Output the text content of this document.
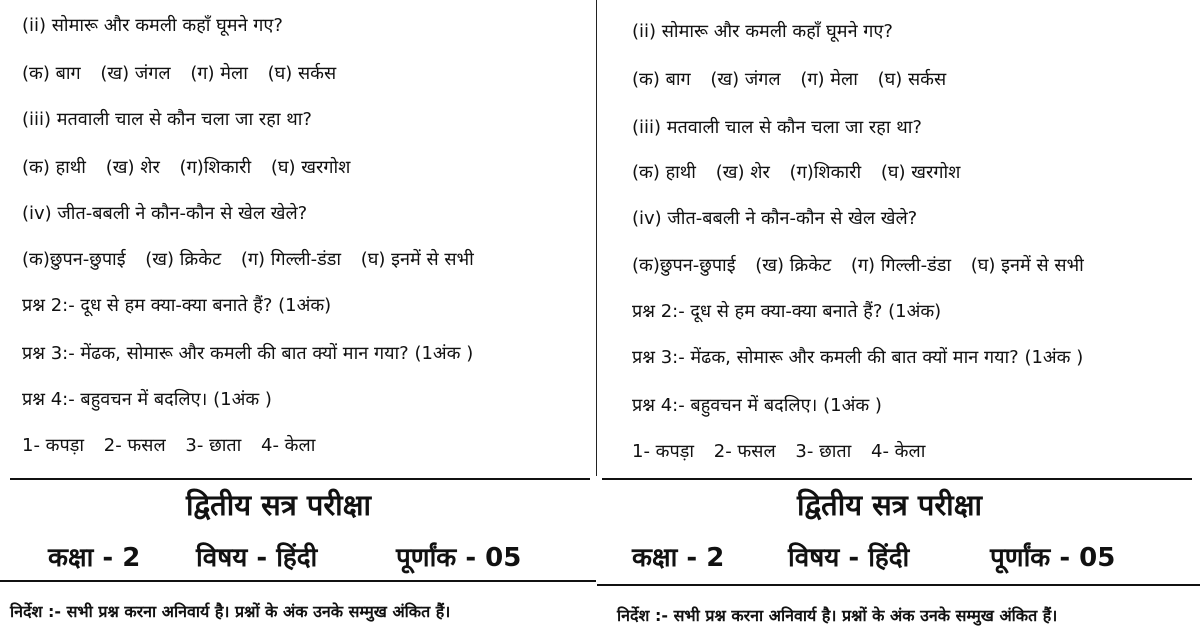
(ii) सोमारू और कमली कहाँ घूमने गए?
(क) बाग (ख) जंगल (ग) मेला (घ) सर्कस
(iii) मतवाली चाल से कौन चला जा रहा था?
(क) हाथी (ख) शेर (ग)शिकारी (घ) खरगोश
(iv) जीत-बबली ने कौन-कौन से खेल खेले?
(क)छुपन-छुपाई (ख) क्रिकेट (ग) गिल्ली-डंडा (घ) इनमें से सभी
प्रश्न 2:- दूध से हम क्या-क्या बनाते हैं? (1अंक)
प्रश्न 3:- मेंढक, सोमारू और कमली की बात क्यों मान गया? (1अंक )
प्रश्न 4:- बहुवचन में बदलिए। (1अंक )
1- कपड़ा 2- फसल 3- छाता 4- केला
द्वितीय सत्र परीक्षा
कक्षा - 2 विषय - हिंदी	पूर्णांक - 05
निर्देश :- सभी प्रश्न करना अनिवार्य है। प्रश्नों के अंक उनके सम्मुख अंकित हैं।
(ii) सोमारू और कमली कहाँ घूमने गए?
(क) बाग (ख) जंगल (ग) मेला (घ) सर्कस
(iii) मतवाली चाल से कौन चला जा रहा था?
(क) हाथी (ख) शेर (ग)शिकारी (घ) खरगोश
(iv) जीत-बबली ने कौन-कौन से खेल खेले?
(क)छुपन-छुपाई (ख) क्रिकेट (ग) गिल्ली-डंडा (घ) इनमें से सभी
प्रश्न 2:- दूध से हम क्या-क्या बनाते हैं? (1अंक)
प्रश्न 3:- मेंढक, सोमारू और कमली की बात क्यों मान गया? (1अंक )
प्रश्न 4:- बहुवचन में बदलिए। (1अंक )
1- कपड़ा 2- फसल 3- छाता 4- केला
द्वितीय सत्र परीक्षा
कक्षा - 2 विषय - हिंदी	पूर्णांक - 05
निर्देश :- सभी प्रश्न करना अनिवार्य है। प्रश्नों के अंक उनके सम्मुख अंकित हैं।
